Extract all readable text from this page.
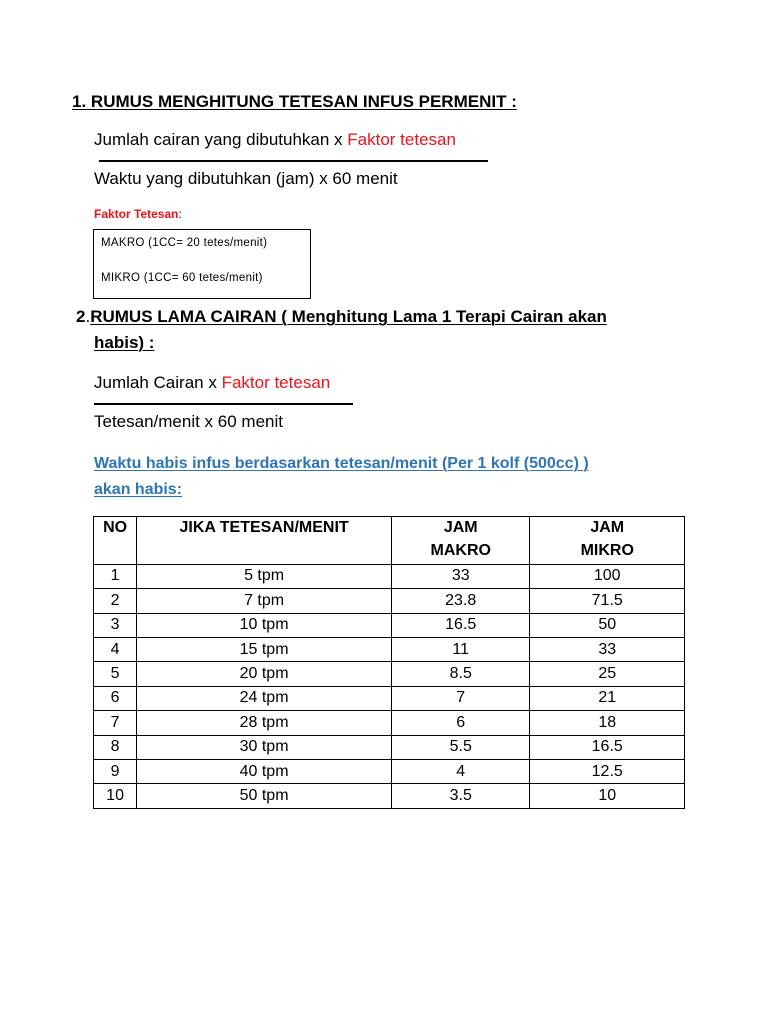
1. RUMUS MENGHITUNG TETESAN INFUS PERMENIT :
Jumlah cairan yang dibutuhkan x Faktor tetesan
Waktu yang dibutuhkan (jam) x 60 menit
Faktor Tetesan:
MAKRO (1CC= 20 tetes/menit)
MIKRO (1CC= 60 tetes/menit)
2.RUMUS LAMA CAIRAN ( Menghitung Lama 1 Terapi Cairan akan
habis) :
Jumlah Cairan x Faktor tetesan
Tetesan/menit x 60 menit
Waktu habis infus berdasarkan tetesan/menit (Per 1 kolf (500cc) )
akan habis:
NO	JIKA TETESAN/MENIT	JAM	JAM
		MAKRO	MIKRO
1	5 tpm	33	100
2	7 tpm	23.8	71.5
3	10 tpm	16.5	50
4	15 tpm	11	33
5	20 tpm	8.5	25
6	24 tpm	7	21
7	28 tpm	6	18
8	30 tpm	5.5	16.5
9	40 tpm	4	12.5
10	50 tpm	3.5	10
